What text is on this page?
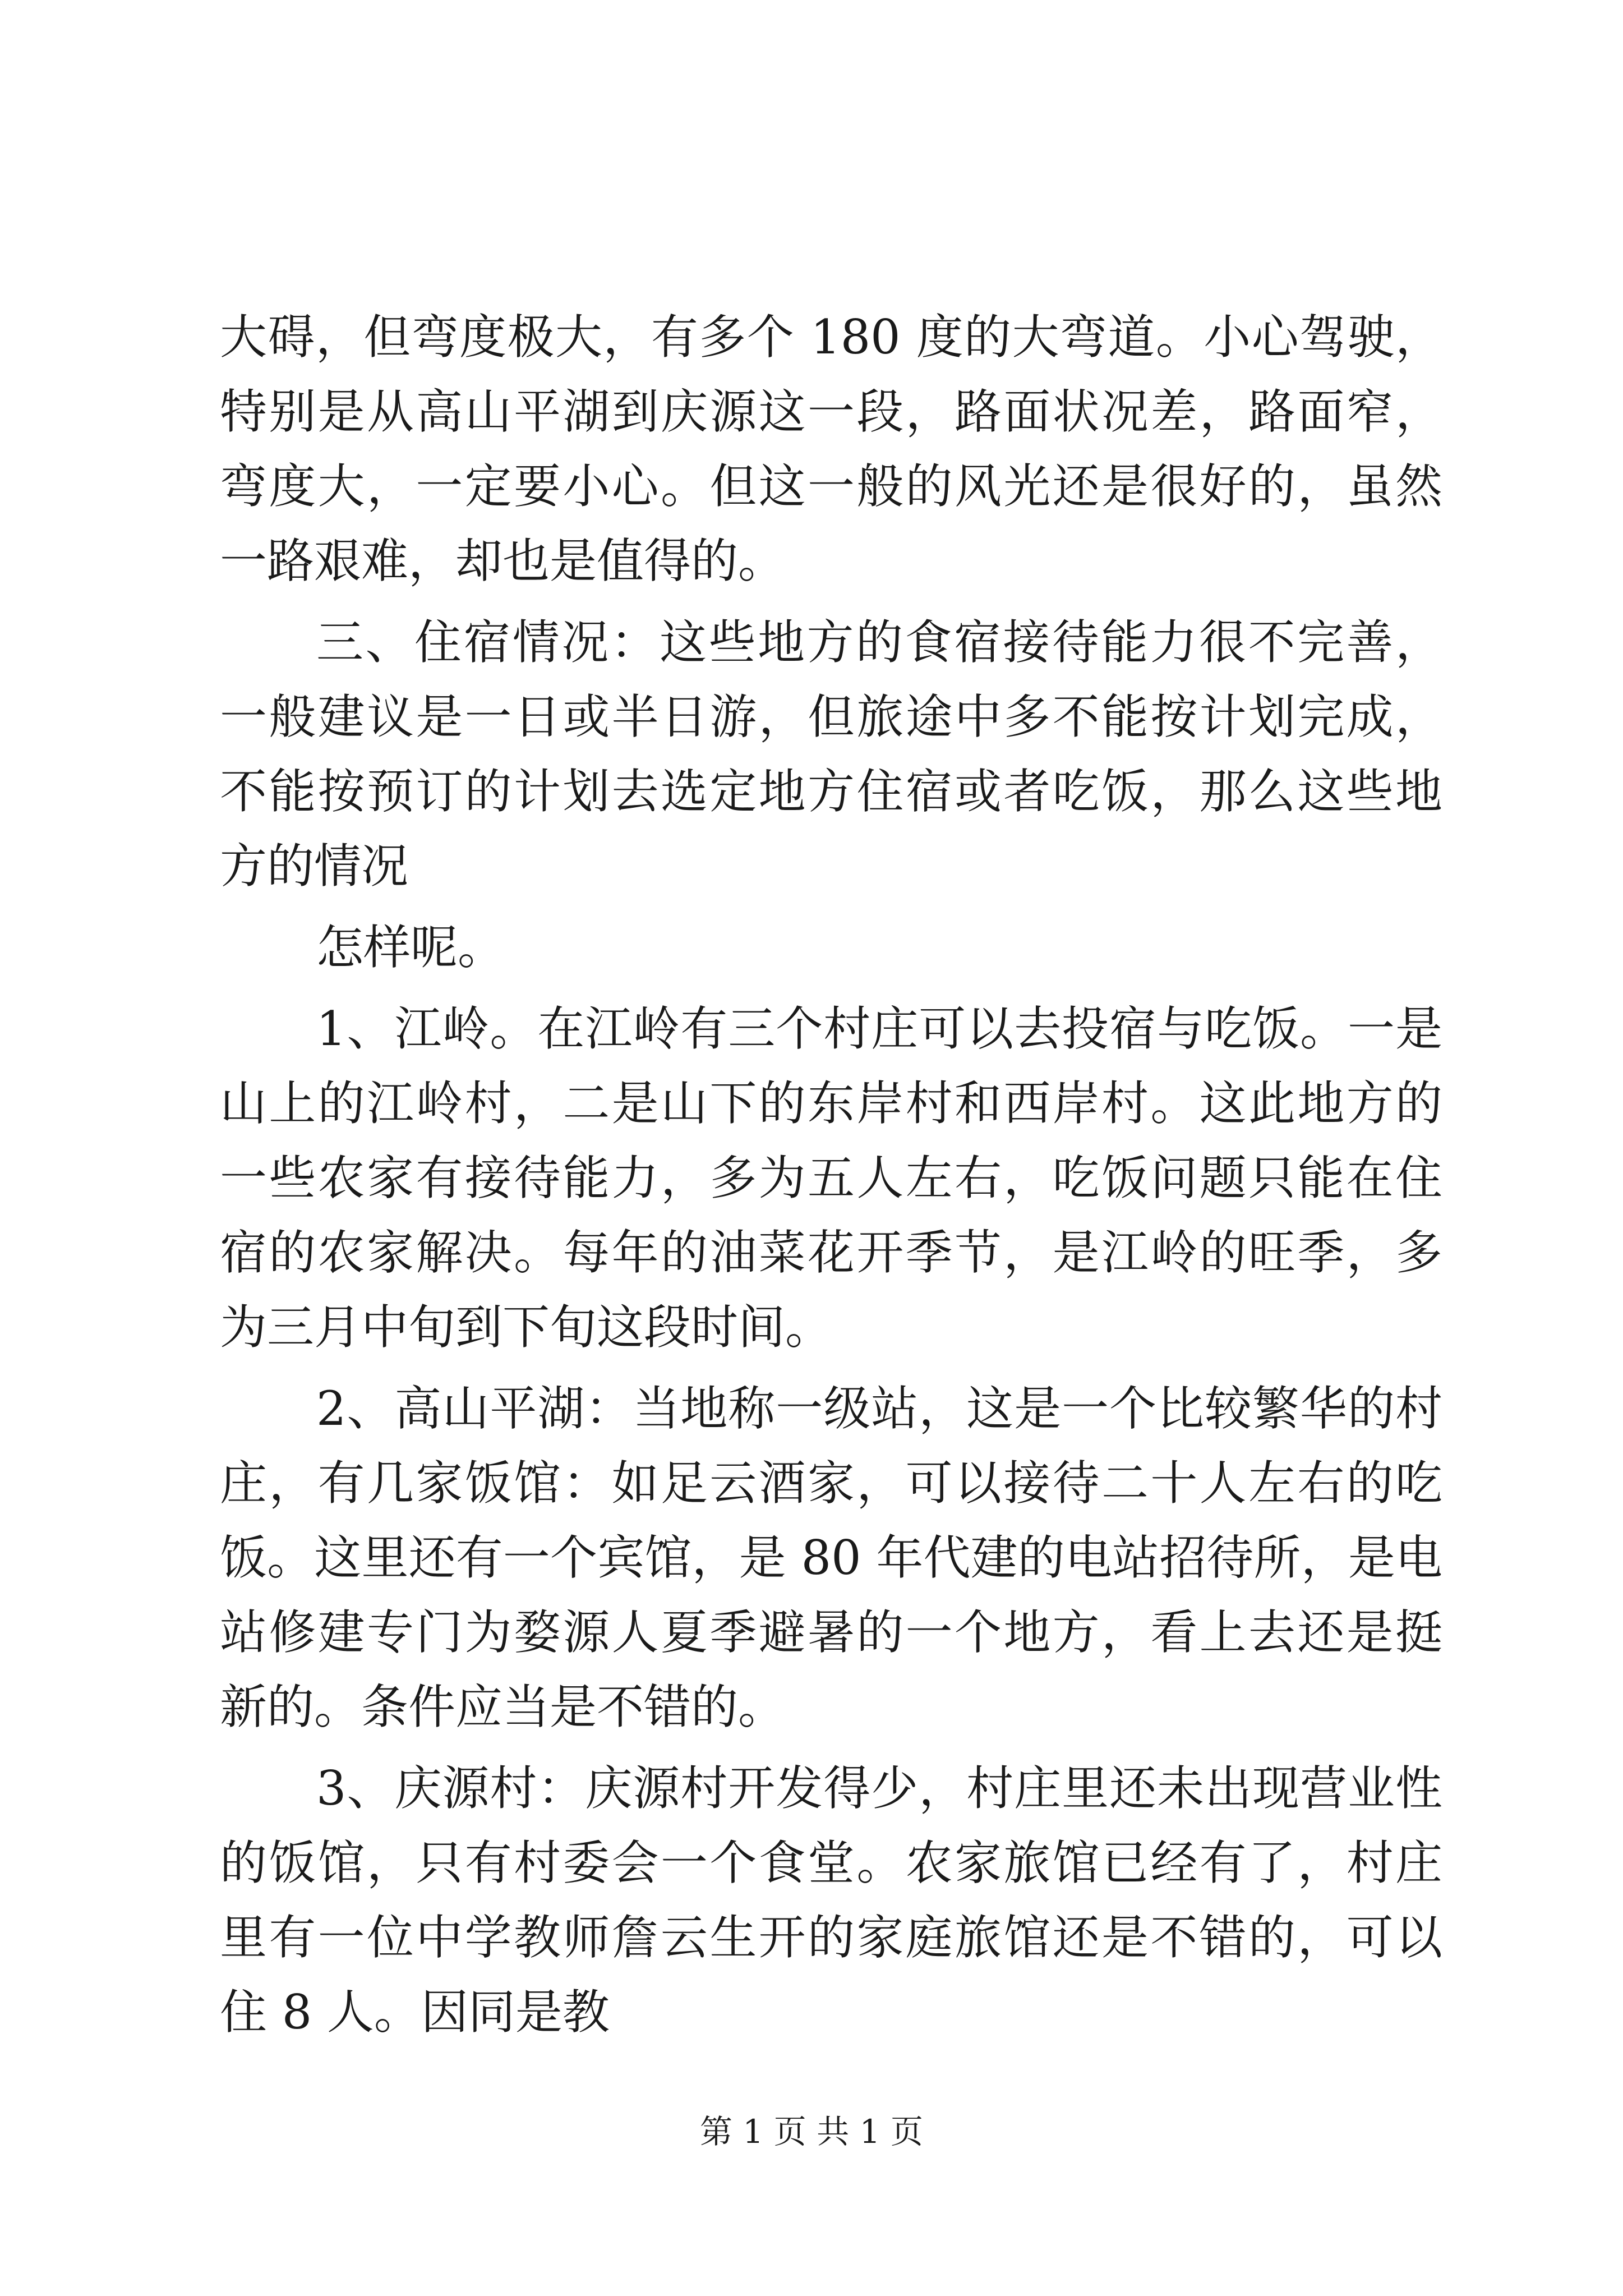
大碍，但弯度极大，有多个 180 度的大弯道。小心驾驶，特别是从高山平湖到庆源这一段，路面状况差，路面窄，弯度大，一定要小心。但这一般的风光还是很好的，虽然一路艰难，却也是值得的。

三、住宿情况：这些地方的食宿接待能力很不完善，一般建议是一日或半日游，但旅途中多不能按计划完成，不能按预订的计划去选定地方住宿或者吃饭，那么这些地方的情况

怎样呢。

1、江岭。在江岭有三个村庄可以去投宿与吃饭。一是山上的江岭村，二是山下的东岸村和西岸村。这此地方的一些农家有接待能力，多为五人左右，吃饭问题只能在住宿的农家解决。每年的油菜花开季节，是江岭的旺季，多为三月中旬到下旬这段时间。

2、高山平湖：当地称一级站，这是一个比较繁华的村庄，有几家饭馆：如足云酒家，可以接待二十人左右的吃饭。这里还有一个宾馆，是 80 年代建的电站招待所，是电站修建专门为婺源人夏季避暑的一个地方，看上去还是挺新的。条件应当是不错的。

3、庆源村：庆源村开发得少，村庄里还未出现营业性的饭馆，只有村委会一个食堂。农家旅馆已经有了，村庄里有一位中学教师詹云生开的家庭旅馆还是不错的，可以住 8 人。因同是教

第 1 页 共 1 页
